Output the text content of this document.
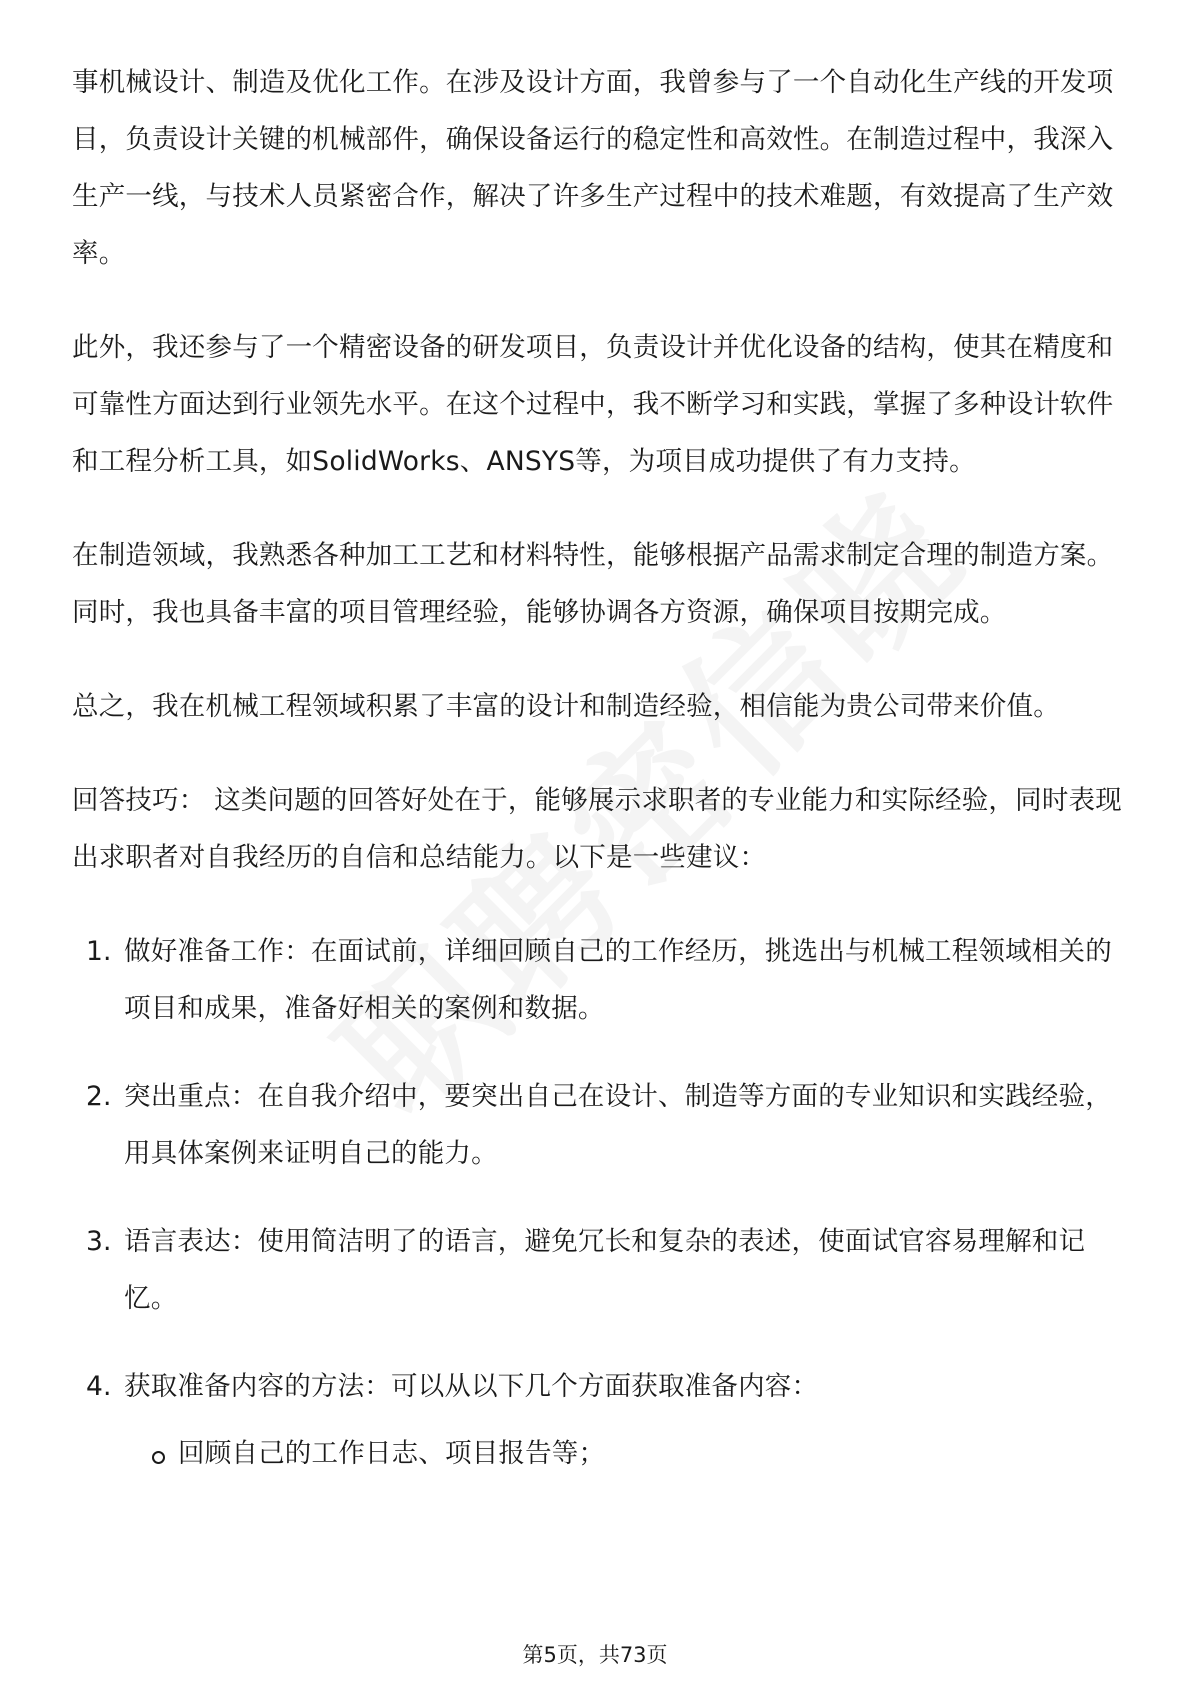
事机械设计、制造及优化工作。在涉及设计方面，我曾参与了一个自动化生产线的开发项目，负责设计关键的机械部件，确保设备运行的稳定性和高效性。在制造过程中，我深入生产一线，与技术人员紧密合作，解决了许多生产过程中的技术难题，有效提高了生产效率。

此外，我还参与了一个精密设备的研发项目，负责设计并优化设备的结构，使其在精度和可靠性方面达到行业领先水平。在这个过程中，我不断学习和实践，掌握了多种设计软件和工程分析工具，如SolidWorks、ANSYS等，为项目成功提供了有力支持。

在制造领域，我熟悉各种加工工艺和材料特性，能够根据产品需求制定合理的制造方案。同时，我也具备丰富的项目管理经验，能够协调各方资源，确保项目按期完成。

总之，我在机械工程领域积累了丰富的设计和制造经验，相信能为贵公司带来价值。

回答技巧： 这类问题的回答好处在于，能够展示求职者的专业能力和实际经验，同时表现出求职者对自我经历的自信和总结能力。以下是一些建议：

1. 做好准备工作：在面试前，详细回顾自己的工作经历，挑选出与机械工程领域相关的项目和成果，准备好相关的案例和数据。
2. 突出重点：在自我介绍中，要突出自己在设计、制造等方面的专业知识和实践经验，用具体案例来证明自己的能力。
3. 语言表达：使用简洁明了的语言，避免冗长和复杂的表述，使面试官容易理解和记忆。
4. 获取准备内容的方法：可以从以下几个方面获取准备内容：
回顾自己的工作日志、项目报告等；
第5页，共73页
